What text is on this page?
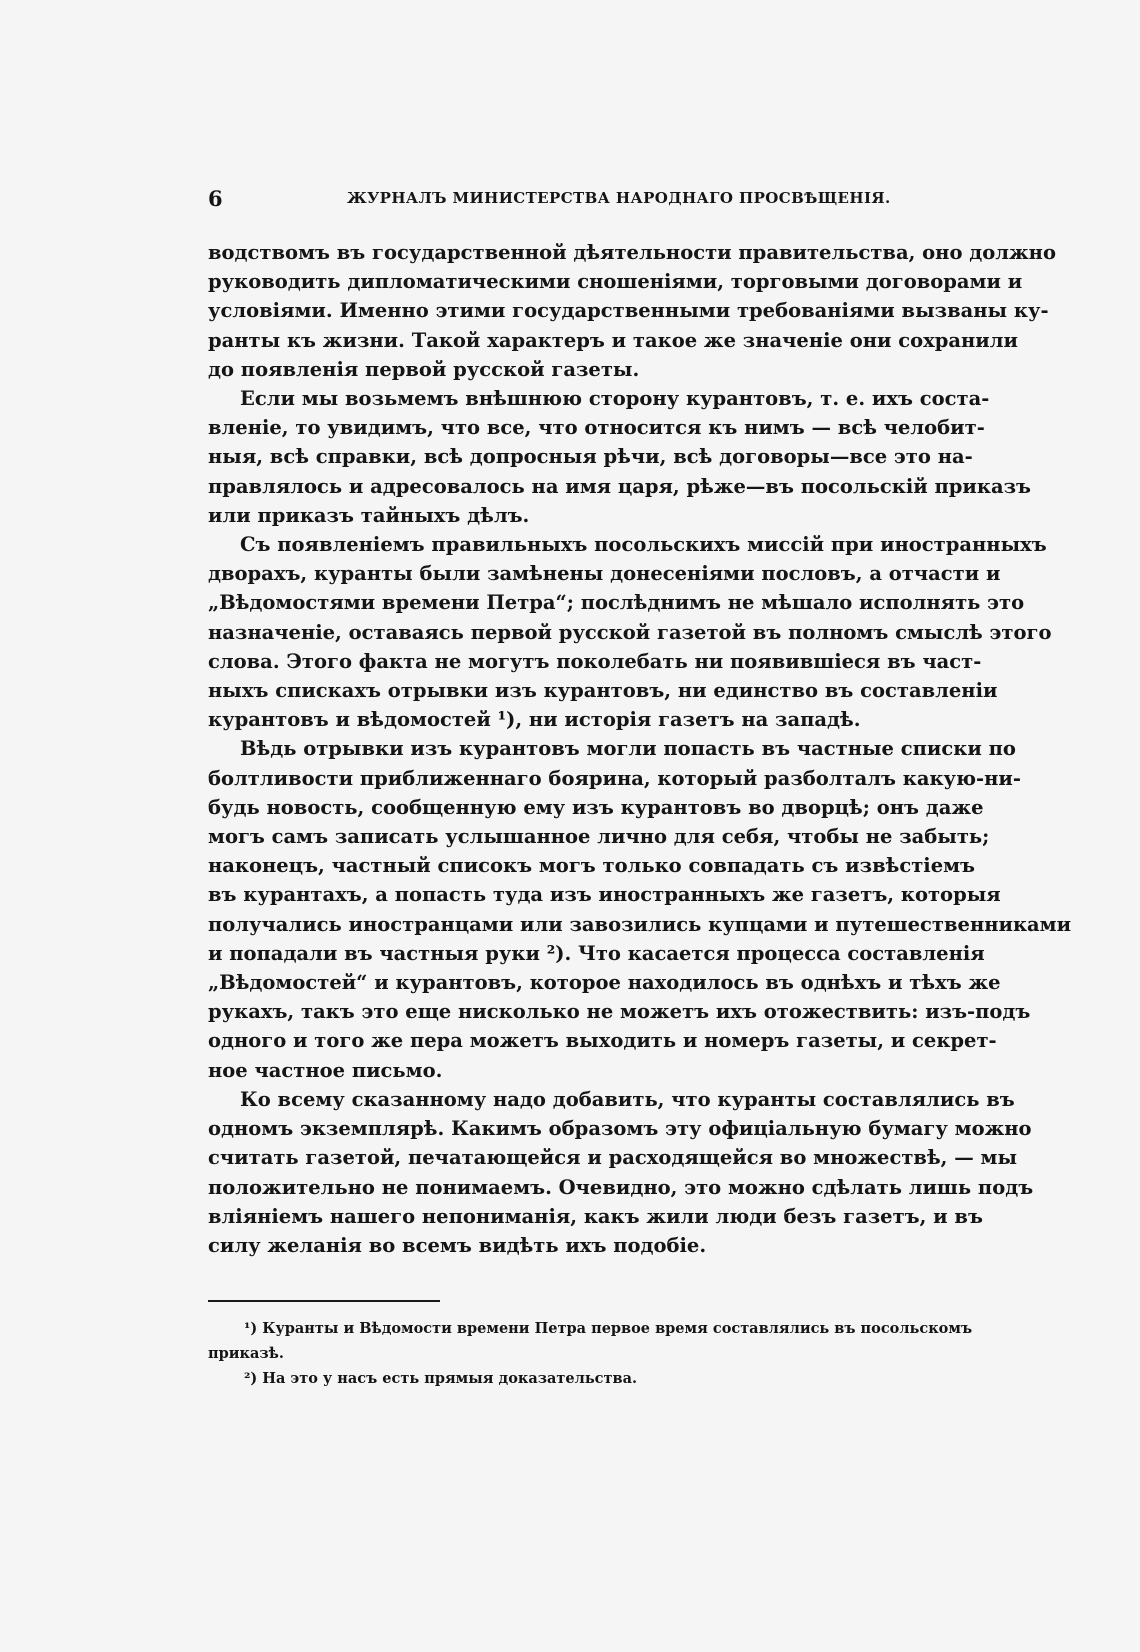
6	ЖУРНАЛЪ МИНИСТЕРСТВА НАРОДНАГО ПРОСВѢЩЕНІЯ.
водствомъ въ государственной дѣятельности правительства, оно должно
руководить дипломатическими сношеніями, торговыми договорами и
условіями. Именно этими государственными требованіями вызваны ку-
ранты къ жизни. Такой характеръ и такое же значеніе они сохранили
до появленія первой русской газеты.
Если мы возьмемъ внѣшнюю сторону курантовъ, т. е. ихъ соста-
вленіе, то увидимъ, что все, что относится къ нимъ — всѣ челобит-
ныя, всѣ справки, всѣ допросныя рѣчи, всѣ договоры—все это на-
правлялось и адресовалось на имя царя, рѣже—въ посольскій приказъ
или приказъ тайныхъ дѣлъ.
Съ появленіемъ правильныхъ посольскихъ миссій при иностранныхъ
дворахъ, куранты были замѣнены донесеніями пословъ, а отчасти и
„Вѣдомостями времени Петра“; послѣднимъ не мѣшало исполнять это
назначеніе, оставаясь первой русской газетой въ полномъ смыслѣ этого
слова. Этого факта не могутъ поколебать ни появившіеся въ част-
ныхъ спискахъ отрывки изъ курантовъ, ни единство въ составленіи
курантовъ и вѣдомостей ¹), ни исторія газетъ на западѣ.
Вѣдь отрывки изъ курантовъ могли попасть въ частные списки по
болтливости приближеннаго боярина, который разболталъ какую-ни-
будь новость, сообщенную ему изъ курантовъ во дворцѣ; онъ даже
могъ самъ записать услышанное лично для себя, чтобы не забыть;
наконецъ, частный списокъ могъ только совпадать съ извѣстіемъ
въ курантахъ, а попасть туда изъ иностранныхъ же газетъ, которыя
получались иностранцами или завозились купцами и путешественниками
и попадали въ частныя руки ²). Что касается процесса составленія
„Вѣдомостей“ и курантовъ, которое находилось въ однѣхъ и тѣхъ же
рукахъ, такъ это еще нисколько не можетъ ихъ отожествить: изъ-подъ
одного и того же пера можетъ выходить и номеръ газеты, и секрет-
ное частное письмо.
Ко всему сказанному надо добавить, что куранты составлялись въ
одномъ экземплярѣ. Какимъ образомъ эту офиціальную бумагу можно
считать газетой, печатающейся и расходящейся во множествѣ, — мы
положительно не понимаемъ. Очевидно, это можно сдѣлать лишь подъ
вліяніемъ нашего непониманія, какъ жили люди безъ газетъ, и въ
силу желанія во всемъ видѣть ихъ подобіе.
¹) Куранты и Вѣдомости времени Петра первое время составлялись въ посольскомъ
приказѣ.
²) На это у насъ есть прямыя доказательства.
